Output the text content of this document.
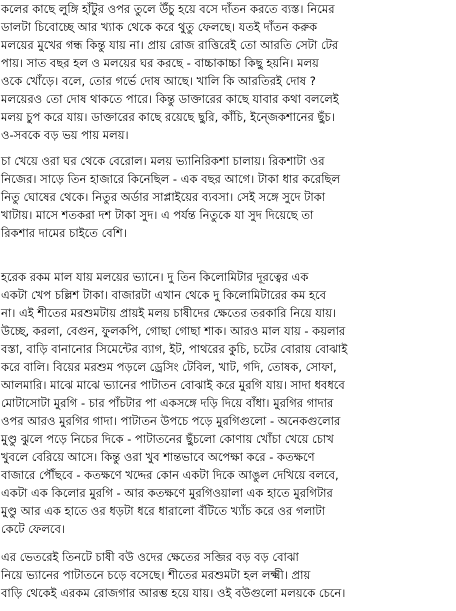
কলের কাছে লুঙ্গি হাঁটুর ওপর তুলে উঁচু হয়ে বসে দাঁতন করতে ব্যস্ত। নিমের
ডালটা চিবোচ্ছে আর খ্যাক থেকে করে থুতু ফেলছে। যতই দাঁতন করুক
মলয়ের মুখের গন্ধ কিন্তু যায় না। প্রায় রোজ রাত্তিরেই তো আরতি সেটা টের
পায়। সাত বছর হল ও মলয়ের ঘর করছে - বাচ্চাকাচ্চা কিছু হয়নি। মলয়
ওকে খোঁড়ে। বলে, তোর গর্ভে দোষ আছে। খালি কি আরতিরই দোষ ?
মলয়েরও তো দোষ থাকতে পারে। কিন্তু ডাক্তারের কাছে যাবার কথা বললেই
মলয় চুপ করে যায়। ডাক্তারের কাছে রয়েছে ছুরি, কাঁচি, ইন্জেকশানের ছুঁচ।
ও-সবকে বড় ভয় পায় মলয়।
চা খেয়ে ওরা ঘর থেকে বেরোল। মলয় ভ্যানিরিকশা চালায়। রিকশাটা ওর
নিজের। সাড়ে তিন হাজারে কিনেছিল - এক বছর আগে। টাকা ধার করেছিল
নিতু ঘোষের থেকে। নিতুর অর্ডার সাপ্লাইয়ের ব্যবসা। সেই সঙ্গে সুদে টাকা
খাটায়। মাসে শতকরা দশ টাকা সুদ। এ পর্যন্ত নিতুকে যা সুদ দিয়েছে তা
রিকশার দামের চাইতে বেশি।
হরেক রকম মাল যায় মলয়ের ভ্যানে। দু তিন কিলোমিটার দূরত্বের এক
একটা খেপ চল্লিশ টাকা। বাজারটা এখান থেকে দু কিলোমিটারের কম হবে
না। এই শীতের মরশুমটায় প্রায়ই মলয় চাষীদের ক্ষেতের তরকারি নিয়ে যায়।
উচ্ছে, করলা, বেগুন, ফুলকপি, গোছা গোছা শাক। আরও মাল যায় - কয়লার
বস্তা, বাড়ি বানানোর সিমেন্টের ব্যাগ, ইট, পাথরের কুচি, চটের বোরায় বোঝাই
করে বালি। বিয়ের মরশুম পড়লে ড্রেসিং টেবিল, খাট, গদি, তোষক, সোফা,
আলমারি। মাঝে মাঝে ভ্যানের পাটাতন বোঝাই করে মুরগি যায়। সাদা ধবধবে
মোটাসোটা মুরগি - চার পাঁচটার পা একসঙ্গে দড়ি দিয়ে বাঁধা। মুরগির গাদার
ওপর আরও মুরগির গাদা। পাটাতন উপচে পড়ে মুরগিগুলো - অনেকগুলোর
মুণ্ডু ঝুলে পড়ে নিচের দিকে - পাটাতনের ছুঁচলো কোণায় খোঁচা খেয়ে চোখ
খুবলে বেরিয়ে আসে। কিন্তু ওরা খুব শান্তভাবে অপেক্ষা করে - কতক্ষণে
বাজারে পৌঁছবে - কতক্ষণে খদ্দের কোন একটা দিকে আঙুল দেখিয়ে বলবে,
একটা এক কিলোর মুরগি - আর কতক্ষণে মুরগিওয়ালা এক হাতে মুরগিটার
মুণ্ডু আর এক হাতে ওর ধড়টা ধরে ধারালো বঁটিতে খ্যাঁচ করে ওর গলাটা
কেটে ফেলবে।
এর ভেতরেই তিনটে চাষী বউ ওদের ক্ষেতের সব্জির বড় বড় বোঝা
নিয়ে ভ্যানের পাটাতনে চড়ে বসেছে। শীতের মরশুমটা হল লক্ষ্মী। প্রায়
বাড়ি থেকেই এরকম রোজগার আরম্ভ হয়ে যায়। ওই বউগুলো মলয়কে চেনে।
